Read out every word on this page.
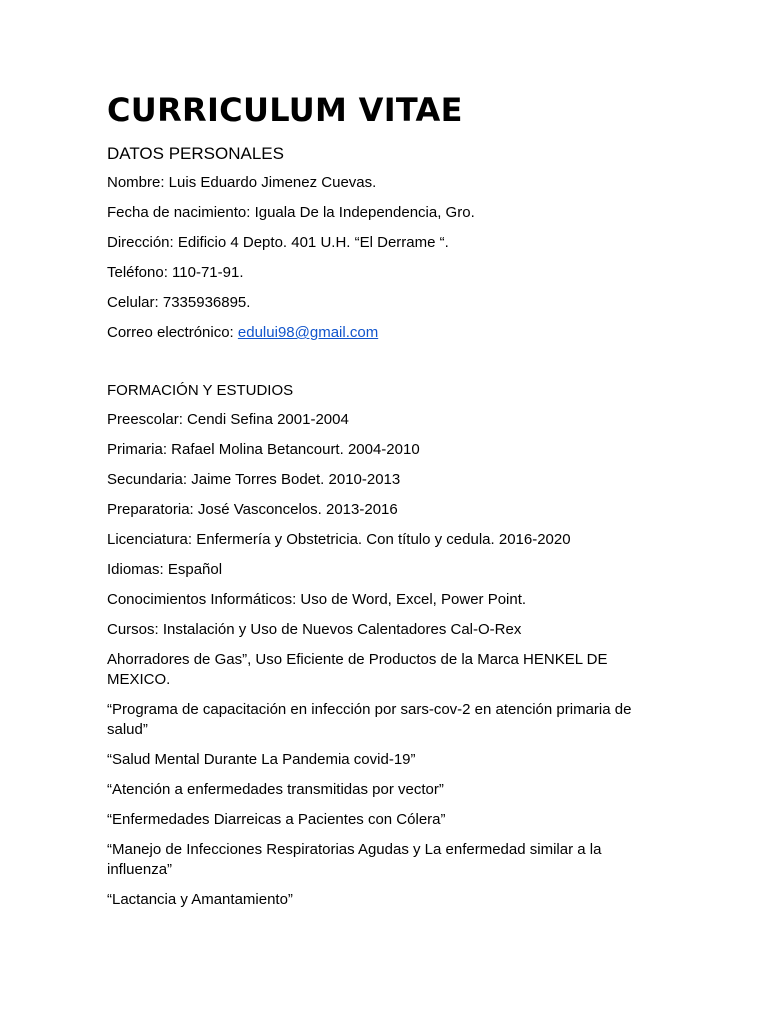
CURRICULUM VITAE
DATOS PERSONALES
Nombre: Luis Eduardo Jimenez Cuevas.
Fecha de nacimiento: Iguala De la Independencia, Gro.
Dirección: Edificio 4 Depto. 401 U.H. “El Derrame “.
Teléfono: 110-71-91.
Celular: 7335936895.
Correo electrónico: edului98@gmail.com
FORMACIÓN Y ESTUDIOS
Preescolar: Cendi Sefina 2001-2004
Primaria: Rafael Molina Betancourt. 2004-2010
Secundaria: Jaime Torres Bodet. 2010-2013
Preparatoria: José Vasconcelos. 2013-2016
Licenciatura: Enfermería y Obstetricia. Con título y cedula. 2016-2020
Idiomas: Español
Conocimientos Informáticos: Uso de Word, Excel, Power Point.
Cursos: Instalación y Uso de Nuevos Calentadores Cal-O-Rex
Ahorradores de Gas”, Uso Eficiente de Productos de la Marca HENKEL DE MEXICO.
“Programa de capacitación en infección por sars-cov-2 en atención primaria de salud”
“Salud Mental Durante La Pandemia covid-19”
“Atención a enfermedades transmitidas por vector”
“Enfermedades Diarreicas a Pacientes con Cólera”
“Manejo de Infecciones Respiratorias Agudas y La enfermedad similar a la influenza”
“Lactancia y Amantamiento”
